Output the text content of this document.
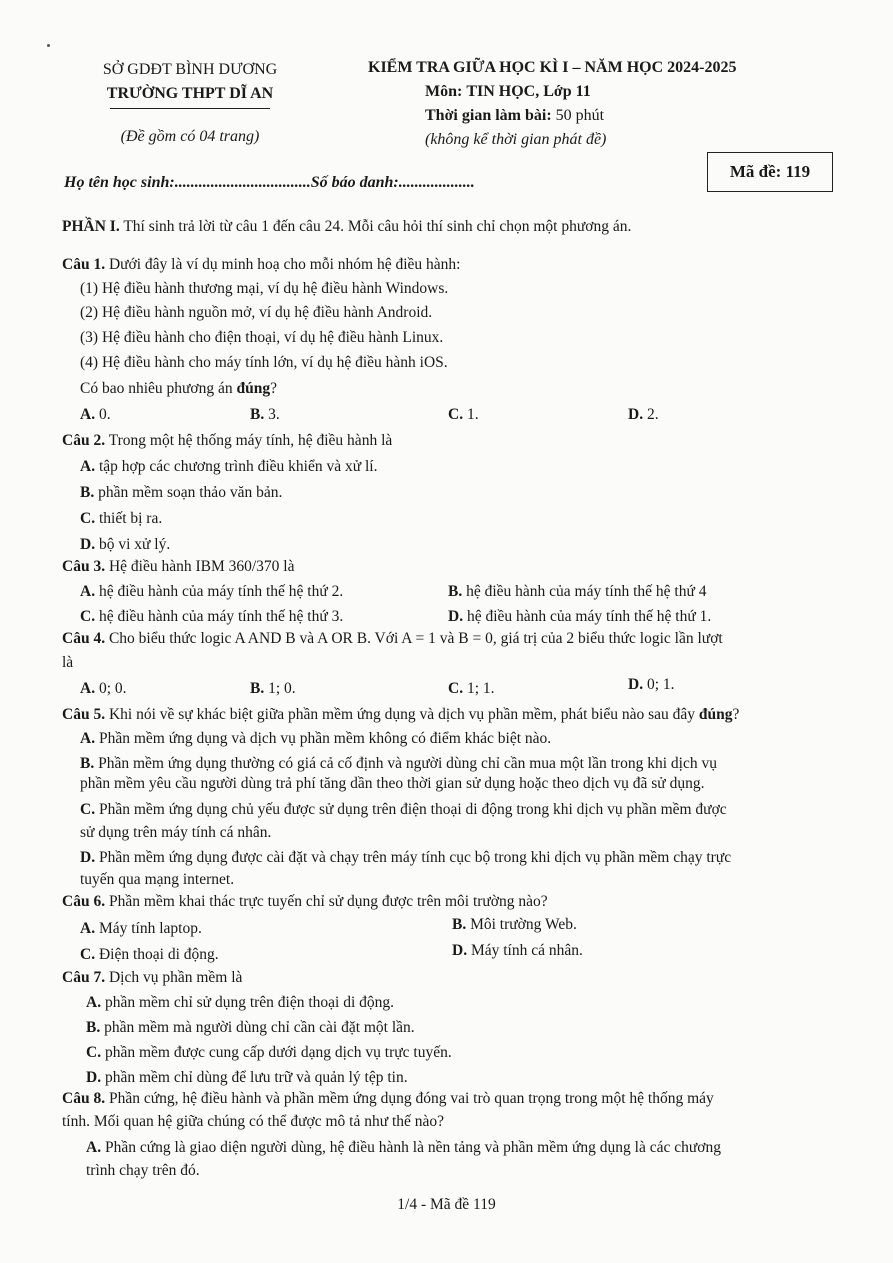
SỞ GDĐT BÌNH DƯƠNG
TRƯỜNG THPT DĨ AN
(Đề gồm có 04 trang)
KIỂM TRA GIỮA HỌC KÌ I – NĂM HỌC 2024-2025
Môn: TIN HỌC, Lớp 11
Thời gian làm bài: 50 phút
(không kể thời gian phát đề)
Mã đề:
119
Họ tên học sinh:..................................Số báo danh:...................
PHẦN I. Thí sinh trả lời từ câu 1 đến câu 24. Mỗi câu hỏi thí sinh chỉ chọn một phương án.
Câu 1. Dưới đây là ví dụ minh hoạ cho mỗi nhóm hệ điều hành:
(1) Hệ điều hành thương mại, ví dụ hệ điều hành Windows.
(2) Hệ điều hành nguồn mở, ví dụ hệ điều hành Android.
(3) Hệ điều hành cho điện thoại, ví dụ hệ điều hành Linux.
(4) Hệ điều hành cho máy tính lớn, ví dụ hệ điều hành iOS.
Có bao nhiêu phương án đúng?
A. 0.	B. 3.	C. 1.	D. 2.
Câu 2. Trong một hệ thống máy tính, hệ điều hành là
A. tập hợp các chương trình điều khiển và xử lí.
B. phần mềm soạn thảo văn bản.
C. thiết bị ra.
D. bộ vi xử lý.
Câu 3. Hệ điều hành IBM 360/370 là
A. hệ điều hành của máy tính thế hệ thứ 2.	B. hệ điều hành của máy tính thế hệ thứ 4
C. hệ điều hành của máy tính thế hệ thứ 3.	D. hệ điều hành của máy tính thế hệ thứ 1.
Câu 4. Cho biểu thức logic A AND B và A OR B. Với A = 1 và B = 0, giá trị của 2 biểu thức logic lần lượt
là
A. 0; 0.	B. 1; 0.	C. 1; 1.	D. 0; 1.
Câu 5. Khi nói về sự khác biệt giữa phần mềm ứng dụng và dịch vụ phần mềm, phát biểu nào sau đây đúng?
A. Phần mềm ứng dụng và dịch vụ phần mềm không có điểm khác biệt nào.
B. Phần mềm ứng dụng thường có giá cả cố định và người dùng chỉ cần mua một lần trong khi dịch vụ
phần mềm yêu cầu người dùng trả phí tăng dần theo thời gian sử dụng hoặc theo dịch vụ đã sử dụng.
C. Phần mềm ứng dụng chủ yếu được sử dụng trên điện thoại di động trong khi dịch vụ phần mềm được
sử dụng trên máy tính cá nhân.
D. Phần mềm ứng dụng được cài đặt và chạy trên máy tính cục bộ trong khi dịch vụ phần mềm chạy trực
tuyến qua mạng internet.
Câu 6. Phần mềm khai thác trực tuyến chỉ sử dụng được trên môi trường nào?
A. Máy tính laptop.	B. Môi trường Web.
C. Điện thoại di động.	D. Máy tính cá nhân.
Câu 7. Dịch vụ phần mềm là
A. phần mềm chỉ sử dụng trên điện thoại di động.
B. phần mềm mà người dùng chỉ cần cài đặt một lần.
C. phần mềm được cung cấp dưới dạng dịch vụ trực tuyến.
D. phần mềm chỉ dùng để lưu trữ và quản lý tệp tin.
Câu 8. Phần cứng, hệ điều hành và phần mềm ứng dụng đóng vai trò quan trọng trong một hệ thống máy
tính. Mối quan hệ giữa chúng có thể được mô tả như thế nào?
A. Phần cứng là giao diện người dùng, hệ điều hành là nền tảng và phần mềm ứng dụng là các chương
trình chạy trên đó.
1/4 - Mã đề 119
